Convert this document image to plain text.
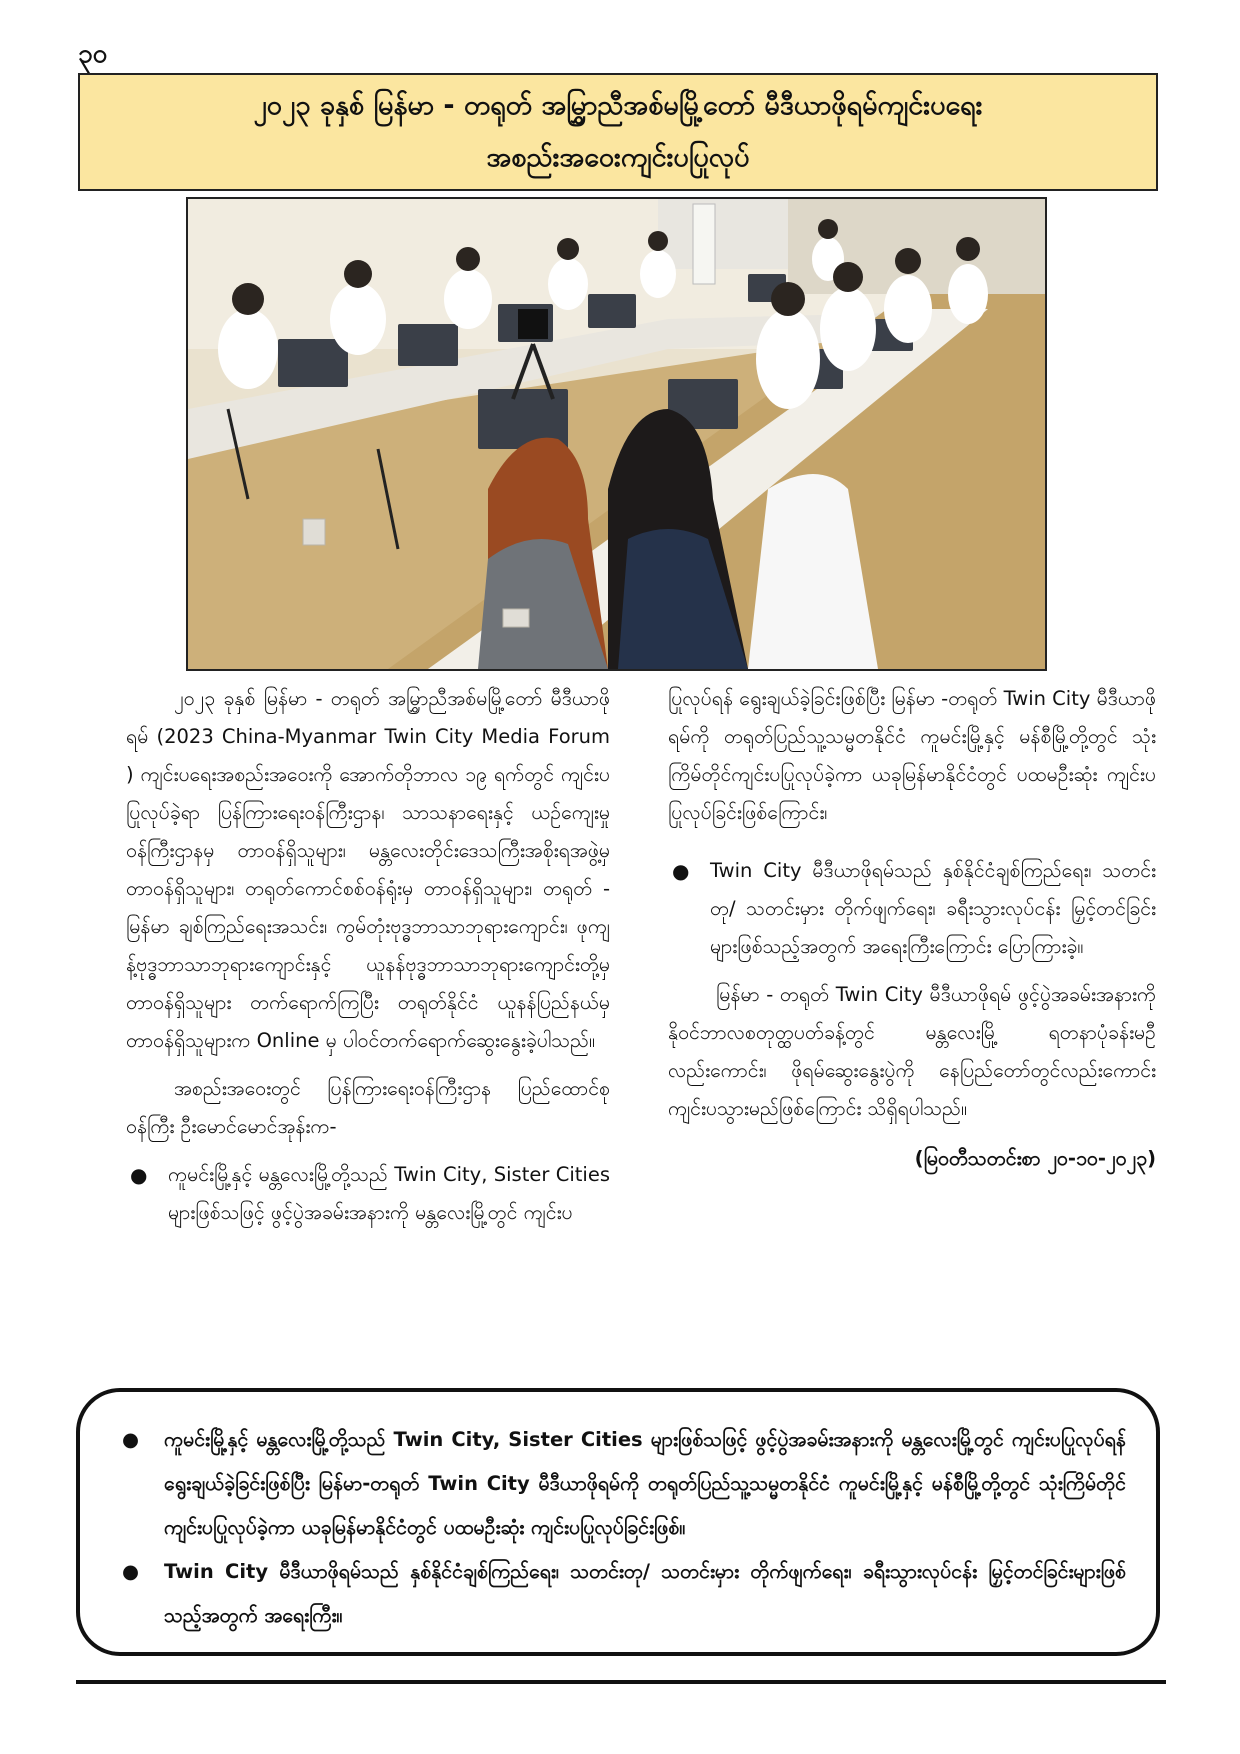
၃၀
၂၀၂၃ ခုနှစ် မြန်မာ - တရုတ် အမြွှာညီအစ်မမြို့တော် မီဒီယာဖိုရမ်ကျင်းပရေး
အစည်းအဝေးကျင်းပပြုလုပ်

၂၀၂၃ ခုနှစ် မြန်မာ - တရုတ် အမြွှာညီအစ်မမြို့တော် မီဒီယာဖိုရမ် (2023 China-Myanmar Twin City Media Forum ) ကျင်းပရေးအစည်းအဝေးကို အောက်တိုဘာလ ၁၉ ရက်တွင် ကျင်းပပြုလုပ်ခဲ့ရာ ပြန်ကြားရေးဝန်ကြီးဌာန၊ သာသနာရေးနှင့် ယဉ်ကျေးမှုဝန်ကြီးဌာနမှ တာဝန်ရှိသူများ၊ မန္တလေးတိုင်းဒေသကြီးအစိုးရအဖွဲ့မှ တာဝန်ရှိသူများ၊ တရုတ်ကောင်စစ်ဝန်ရုံးမှ တာဝန်ရှိသူများ၊ တရုတ် - မြန်မာ ချစ်ကြည်ရေးအသင်း၊ ကွမ်တုံးဗုဒ္ဓဘာသာဘုရားကျောင်း၊ ဖုကျန့်ဗုဒ္ဓဘာသာဘုရားကျောင်းနှင့် ယူနန်ဗုဒ္ဓဘာသာဘုရားကျောင်းတို့မှ တာဝန်ရှိသူများ တက်ရောက်ကြပြီး တရုတ်နိုင်ငံ ယူနန်ပြည်နယ်မှ တာဝန်ရှိသူများက Online မှ ပါဝင်တက်ရောက်ဆွေးနွေးခဲ့ပါသည်။

အစည်းအဝေးတွင် ပြန်ကြားရေးဝန်ကြီးဌာန ပြည်ထောင်စုဝန်ကြီး ဦးမောင်မောင်အုန်းက-

● ကူမင်းမြို့နှင့် မန္တလေးမြို့တို့သည် Twin City, Sister Cities များဖြစ်သဖြင့် ဖွင့်ပွဲအခမ်းအနားကို မန္တလေးမြို့တွင် ကျင်းပ

ပြုလုပ်ရန် ရွေးချယ်ခဲ့ခြင်းဖြစ်ပြီး မြန်မာ -တရုတ် Twin City မီဒီယာဖိုရမ်ကို တရုတ်ပြည်သူ့သမ္မတနိုင်ငံ ကူမင်းမြို့နှင့် မန်စီမြို့တို့တွင် သုံးကြိမ်တိုင်ကျင်းပပြုလုပ်ခဲ့ကာ ယခုမြန်မာနိုင်ငံတွင် ပထမဦးဆုံး ကျင်းပပြုလုပ်ခြင်းဖြစ်ကြောင်း၊

● Twin City မီဒီယာဖိုရမ်သည် နှစ်နိုင်ငံချစ်ကြည်ရေး၊ သတင်းတု/ သတင်းမှား တိုက်ဖျက်ရေး၊ ခရီးသွားလုပ်ငန်း မြှင့်တင်ခြင်းများဖြစ်သည့်အတွက် အရေးကြီးကြောင်း ပြောကြားခဲ့။

မြန်မာ - တရုတ် Twin City မီဒီယာဖိုရမ် ဖွင့်ပွဲအခမ်းအနားကို နိုဝင်ဘာလစတုတ္ထပတ်ခန့်တွင် မန္တလေးမြို့ ရတနာပုံခန်းမဦလည်းကောင်း၊ ဖိုရမ်ဆွေးနွေးပွဲကို နေပြည်တော်တွင်လည်းကောင်း ကျင်းပသွားမည်ဖြစ်ကြောင်း သိရှိရပါသည်။

(မြဝတီသတင်းစာ ၂၀-၁၀-၂၀၂၃)
● ကူမင်းမြို့နှင့် မန္တလေးမြို့တို့သည် Twin City, Sister Cities များဖြစ်သဖြင့် ဖွင့်ပွဲအခမ်းအနားကို မန္တလေးမြို့တွင် ကျင်းပပြုလုပ်ရန် ရွေးချယ်ခဲ့ခြင်းဖြစ်ပြီး မြန်မာ-တရုတ် Twin City မီဒီယာဖိုရမ်ကို တရုတ်ပြည်သူ့သမ္မတနိုင်ငံ ကူမင်းမြို့နှင့် မန်စီမြို့တို့တွင် သုံးကြိမ်တိုင်ကျင်းပပြုလုပ်ခဲ့ကာ ယခုမြန်မာနိုင်ငံတွင် ပထမဦးဆုံး ကျင်းပပြုလုပ်ခြင်းဖြစ်။
● Twin City မီဒီယာဖိုရမ်သည် နှစ်နိုင်ငံချစ်ကြည်ရေး၊ သတင်းတု/ သတင်းမှား တိုက်ဖျက်ရေး၊ ခရီးသွားလုပ်ငန်း မြှင့်တင်ခြင်းများဖြစ်သည့်အတွက် အရေးကြီး။
